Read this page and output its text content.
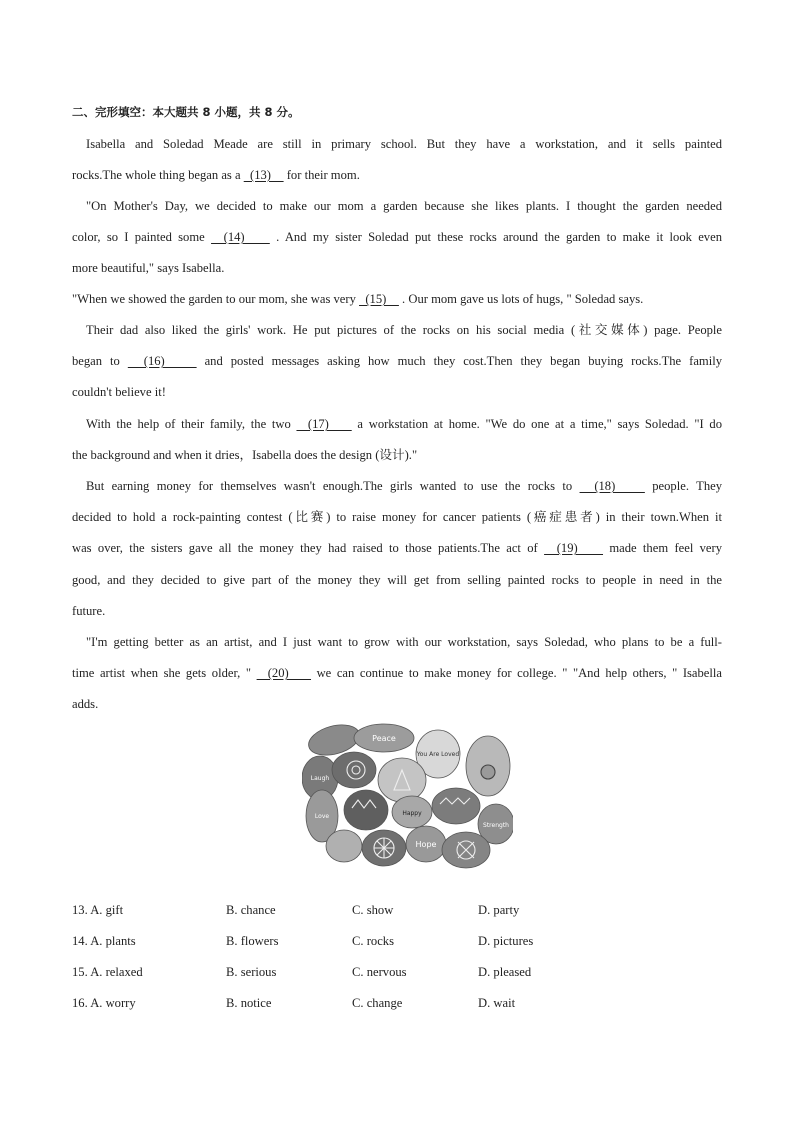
二、完形填空：本大题共 8 小题，共 8 分。
Isabella and Soledad Meade are still in primary school. But they have a workstation, and it sells painted
rocks.The whole thing began as a   (13)     for their mom.
"On Mother's Day, we decided to make our mom a garden because she likes plants. I thought the garden needed
color, so I painted some   (14)     . And my sister Soledad put these rocks around the garden to make it look even
more beautiful," says Isabella.
"When we showed the garden to our mom, she was very   (15)     . Our mom gave us lots of hugs, " Soledad says.
Their dad also liked the girls' work. He put pictures of the rocks on his social media (社交媒体) page. People
began to   (16)     and posted messages asking how much they cost.Then they began buying rocks.The family
couldn't believe it!
With the help of their family, the two   (17)     a workstation at home. "We do one at a time," says Soledad. "I do
the background and when it dries，Isabella does the design (设计)."
But earning money for themselves wasn't enough.The girls wanted to use the rocks to   (18)     people. They
decided to hold a rock-painting contest (比赛) to raise money for cancer patients (癌症患者) in their town.When it
was over, the sisters gave all the money they had raised to those patients.The act of   (19)     made them feel very
good, and they decided to give part of the money they will get from selling painted rocks to people in need in the
future.
"I'm getting better as an artist, and I just want to grow with our workstation, says Soledad, who plans to be a full-
time artist when she gets older, "   (20)     we can continue to make money for college. " "And help others, " Isabella
adds.
Peace
You Are Loved
Strength
Hope
Love
Laugh
Happy
13. A. gift	B. chance	C. show	D. party
14. A. plants	B. flowers	C. rocks	D. pictures
15. A. relaxed	B. serious	C. nervous	D. pleased
16. A. worry	B. notice	C. change	D. wait
